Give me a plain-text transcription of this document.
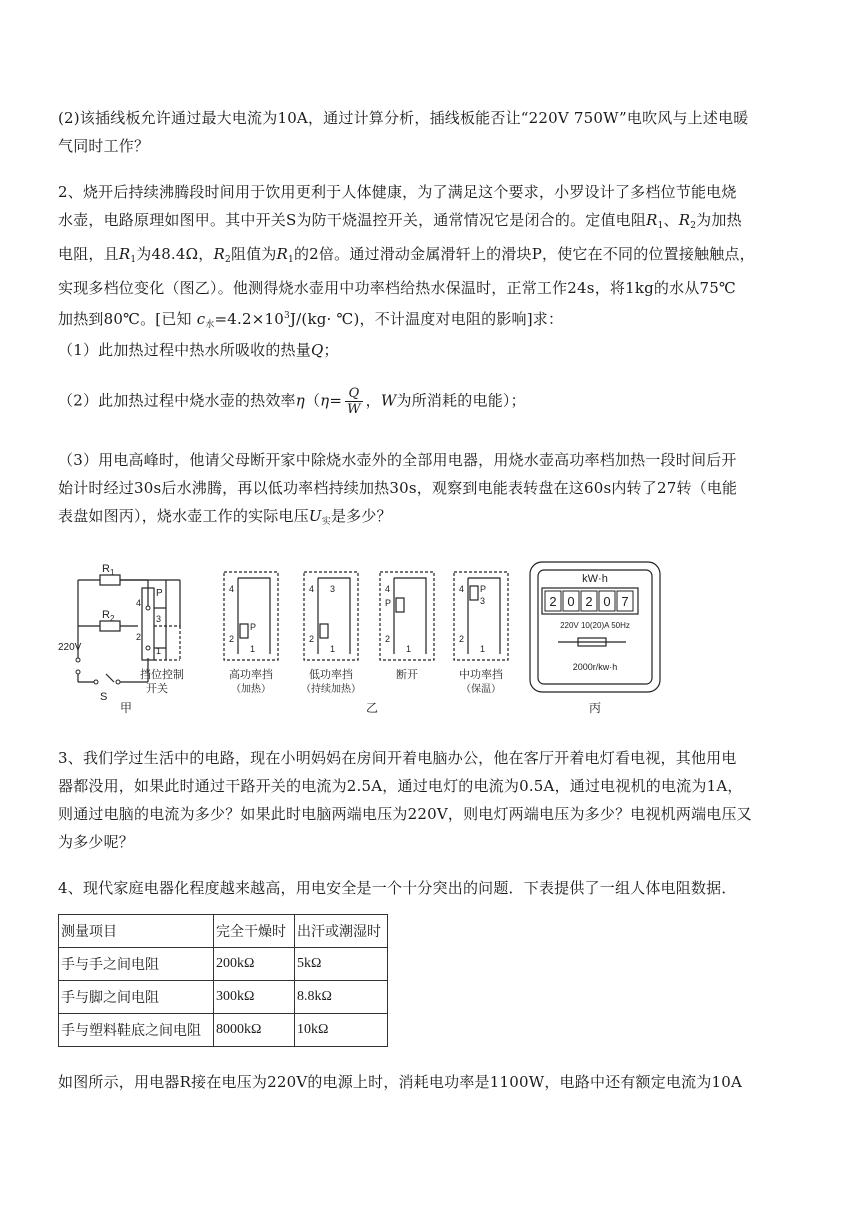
(2)该插线板允许通过最大电流为10A，通过计算分析，插线板能否让“220V 750W”电吹风与上述电暖

气同时工作？

2、烧开后持续沸腾段时间用于饮用更利于人体健康，为了满足这个要求，小罗设计了多档位节能电烧

水壶，电路原理如图甲。其中开关S为防干烧温控开关，通常情况它是闭合的。定值电阻$R_1$、$R_2$为加热

电阻，且$R_1$为48.4Ω，$R_2$阻值为$R_1$的2倍。通过滑动金属滑轩上的滑块P，使它在不同的位置接触触点，

实现多档位变化（图乙）。他测得烧水壶用中功率档给热水保温时，正常工作24s，将1kg的水从75℃

加热到80℃。[已知 $c_水=4.2\times 10^3J/(kg\cdot$ ℃)，不计温度对电阻的影响]求：

（1）此加热过程中热水所吸收的热量Q；

（2）此加热过程中烧水壶的热效率$\eta(\eta= \frac{Q}{W}$ ，W为所消耗的电能）；

（3）用电高峰时，他请父母断开家中除烧水壶外的全部用电器，用烧水壶高功率档加热一段时间后开

始计时经过30s后水沸腾，再以低功率档持续加热30s，观察到电能表转盘在这60s内转了27转（电能

表盘如图丙），烧水壶工作的实际电压$U_实$是多少？

$R_1$
$R_2$
P
4
3
2
1
220V
S
挡位控制
开关
甲
4
2
P
1
4 3
2
1
4
P
2
1
4 P
3
2
1
高功率挡
（加热）
低功率挡
（持续加热）
断开	中功率挡
（保温）
乙
kW·h
2 0 2 0 7
220V 10(20)A 50Hz
2000r/kw·h
丙

3、我们学过生活中的电路，现在小明妈妈在房间开着电脑办公，他在客厅开着电灯看电视，其他用电

器都没用，如果此时通过干路开关的电流为2.5A，通过电灯的电流为0.5A，通过电视机的电流为1A，

则通过电脑的电流为多少？如果此时电脑两端电压为220V，则电灯两端电压为多少？电视机两端电压又

为多少呢？

4、现代家庭电器化程度越来越高，用电安全是一个十分突出的问题．下表提供了一组人体电阻数据．

测量项目	完全干燥时	出汗或潮湿时
手与手之间电阻	200kΩ	5kΩ
手与脚之间电阻	300kΩ	8.8kΩ
手与塑料鞋底之间电阻	8000kΩ	10kΩ

如图所示，用电器R接在电压为220V的电源上时，消耗电功率是1100W，电路中还有额定电流为10A
